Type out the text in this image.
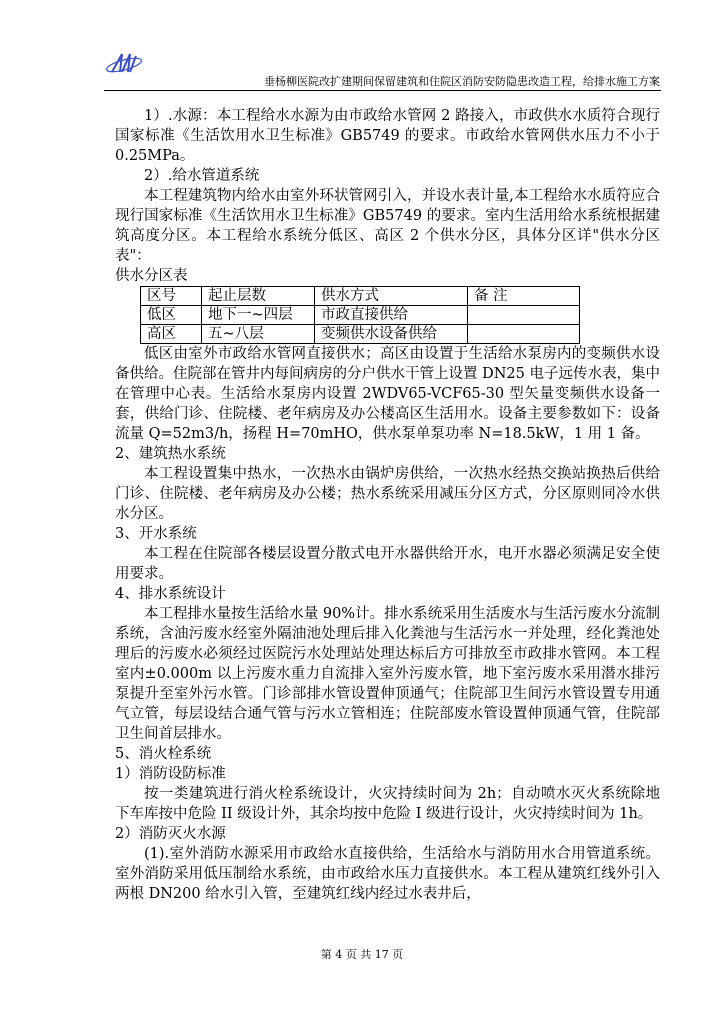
垂杨柳医院改扩建期间保留建筑和住院区消防安防隐患改造工程，给排水施工方案

1）.水源：本工程给水水源为由市政给水管网 2 路接入，市政供水水质符合现行国家标准《生活饮用水卫生标准》GB5749 的要求。市政给水管网供水压力不小于 0.25MPa。

2）.给水管道系统

本工程建筑物内给水由室外环状管网引入，并设水表计量,本工程给水水质符应合现行国家标准《生活饮用水卫生标准》GB5749 的要求。室内生活用给水系统根据建筑高度分区。本工程给水系统分低区、高区 2 个供水分区，具体分区详"供水分区表"：

供水分区表

区号	起止层数	供水方式	备 注
低区	地下一~四层	市政直接供给	
高区	五~八层	变频供水设备供给	

低区由室外市政给水管网直接供水；高区由设置于生活给水泵房内的变频供水设备供给。住院部在管井内每间病房的分户供水干管上设置 DN25 电子远传水表，集中在管理中心表。生活给水泵房内设置 2WDV65-VCF65-30 型矢量变频供水设备一套，供给门诊、住院楼、老年病房及办公楼高区生活用水。设备主要参数如下：设备流量 Q=52m3/h，扬程 H=70mHO，供水泵单泵功率 N=18.5kW，1 用 1 备。

2、建筑热水系统

本工程设置集中热水，一次热水由锅炉房供给，一次热水经热交换站换热后供给门诊、住院楼、老年病房及办公楼；热水系统采用减压分区方式，分区原则同冷水供水分区。

3、开水系统

本工程在住院部各楼层设置分散式电开水器供给开水，电开水器必须满足安全使用要求。

4、排水系统设计

本工程排水量按生活给水量 90%计。排水系统采用生活废水与生活污废水分流制系统，含油污废水经室外隔油池处理后排入化粪池与生活污水一并处理，经化粪池处理后的污废水必须经过医院污水处理站处理达标后方可排放至市政排水管网。本工程室内±0.000m 以上污废水重力自流排入室外污废水管，地下室污废水采用潜水排污泵提升至室外污水管。门诊部排水管设置伸顶通气；住院部卫生间污水管设置专用通气立管，每层设结合通气管与污水立管相连；住院部废水管设置伸顶通气管，住院部卫生间首层排水。

5、消火栓系统

1）消防设防标准

按一类建筑进行消火栓系统设计，火灾持续时间为 2h；自动喷水灭火系统除地下车库按中危险 II 级设计外，其余均按中危险 I 级进行设计，火灾持续时间为 1h。

2）消防灭火水源

(1).室外消防水源采用市政给水直接供给，生活给水与消防用水合用管道系统。室外消防采用低压制给水系统，由市政给水压力直接供水。本工程从建筑红线外引入两根 DN200 给水引入管，至建筑红线内经过水表井后，

第 4 页 共 17 页
